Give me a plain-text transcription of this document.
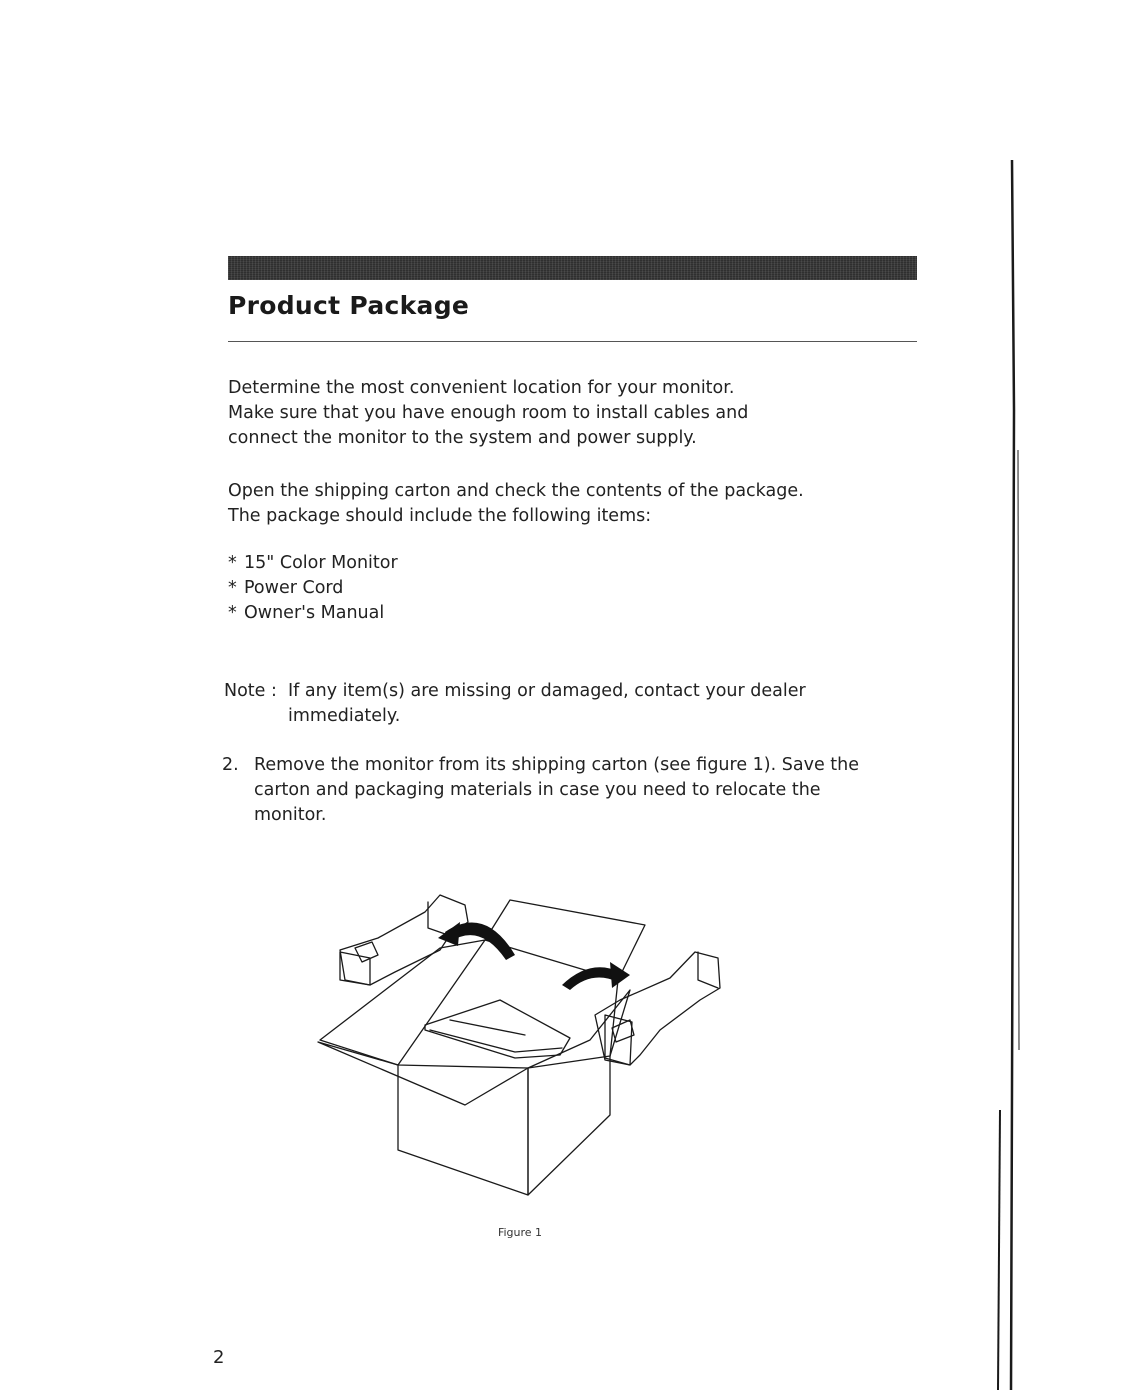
Product Package

Determine the most convenient location for your monitor.
Make sure that you have enough room to install cables and
connect the monitor to the system and power supply.

Open the shipping carton and check the contents of the package.
The package should include the following items:

* 15" Color Monitor
* Power Cord
* Owner's Manual
Note : If any item(s) are missing or damaged, contact your dealer immediately.
2. Remove the monitor from its shipping carton (see figure 1). Save the carton and packaging materials in case you need to relocate the monitor.
Figure 1
2
